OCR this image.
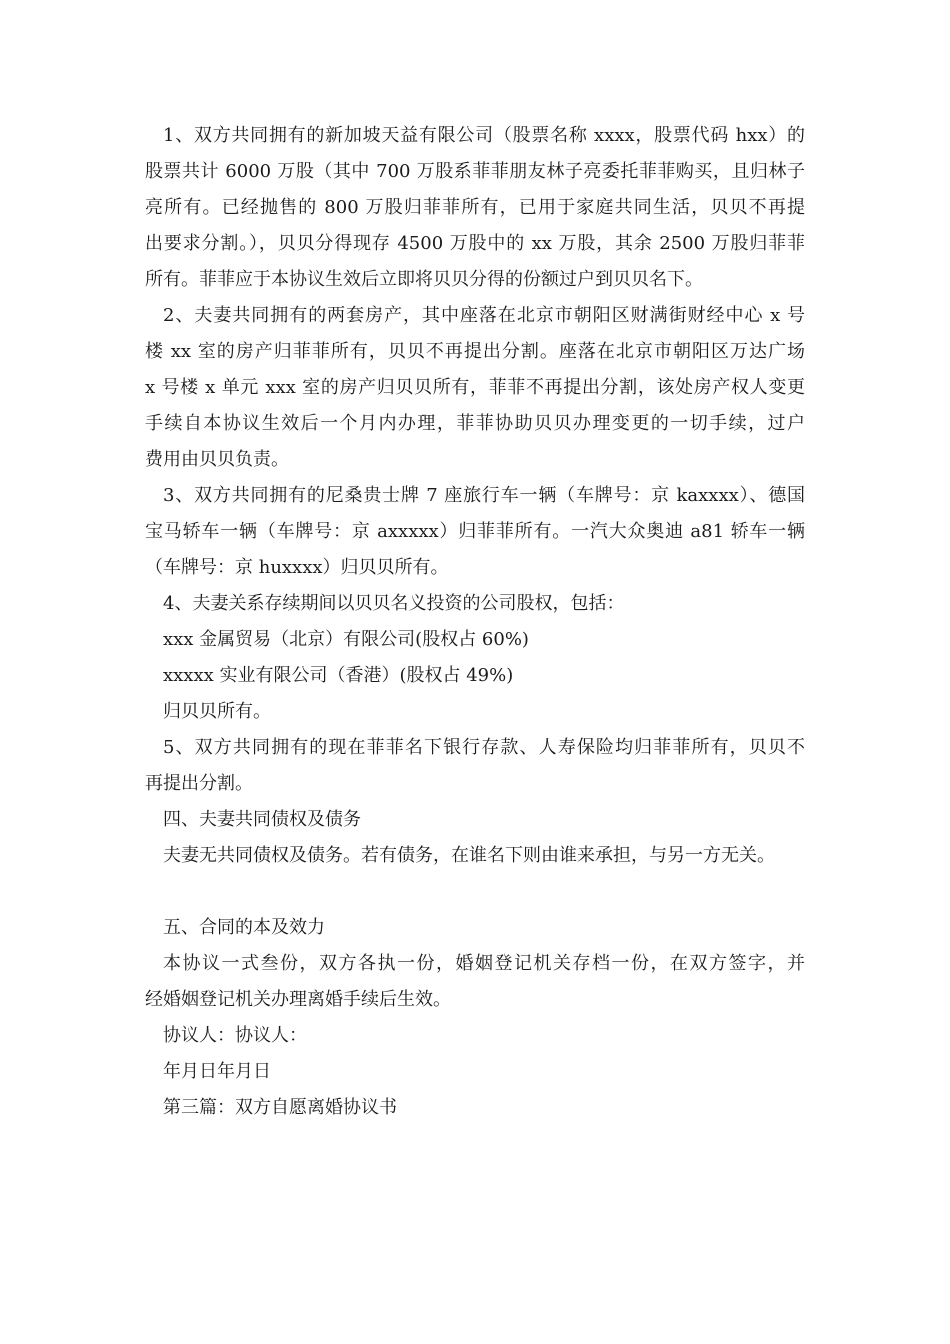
1、双方共同拥有的新加坡天益有限公司（股票名称 xxxx，股票代码 hxx）的
股票共计 6000 万股（其中 700 万股系菲菲朋友林子亮委托菲菲购买，且归林子
亮所有。已经抛售的 800 万股归菲菲所有，已用于家庭共同生活，贝贝不再提
出要求分割。），贝贝分得现存 4500 万股中的 xx 万股，其余 2500 万股归菲菲
所有。菲菲应于本协议生效后立即将贝贝分得的份额过户到贝贝名下。
2、夫妻共同拥有的两套房产，其中座落在北京市朝阳区财满街财经中心 x 号
楼 xx 室的房产归菲菲所有，贝贝不再提出分割。座落在北京市朝阳区万达广场
x 号楼 x 单元 xxx 室的房产归贝贝所有，菲菲不再提出分割，该处房产权人变更
手续自本协议生效后一个月内办理，菲菲协助贝贝办理变更的一切手续，过户
费用由贝贝负责。
3、双方共同拥有的尼桑贵士牌 7 座旅行车一辆（车牌号：京 kaxxxx）、德国
宝马轿车一辆（车牌号：京 axxxxx）归菲菲所有。一汽大众奥迪 a81 轿车一辆
（车牌号：京 huxxxx）归贝贝所有。
4、夫妻关系存续期间以贝贝名义投资的公司股权，包括：
xxx 金属贸易（北京）有限公司(股权占 60%)
xxxxx 实业有限公司（香港）(股权占 49%)
归贝贝所有。
5、双方共同拥有的现在菲菲名下银行存款、人寿保险均归菲菲所有，贝贝不
再提出分割。
四、夫妻共同债权及债务
夫妻无共同债权及债务。若有债务，在谁名下则由谁来承担，与另一方无关。
五、合同的本及效力
本协议一式叁份，双方各执一份，婚姻登记机关存档一份，在双方签字，并
经婚姻登记机关办理离婚手续后生效。
协议人：协议人：
年月日年月日
第三篇：双方自愿离婚协议书
